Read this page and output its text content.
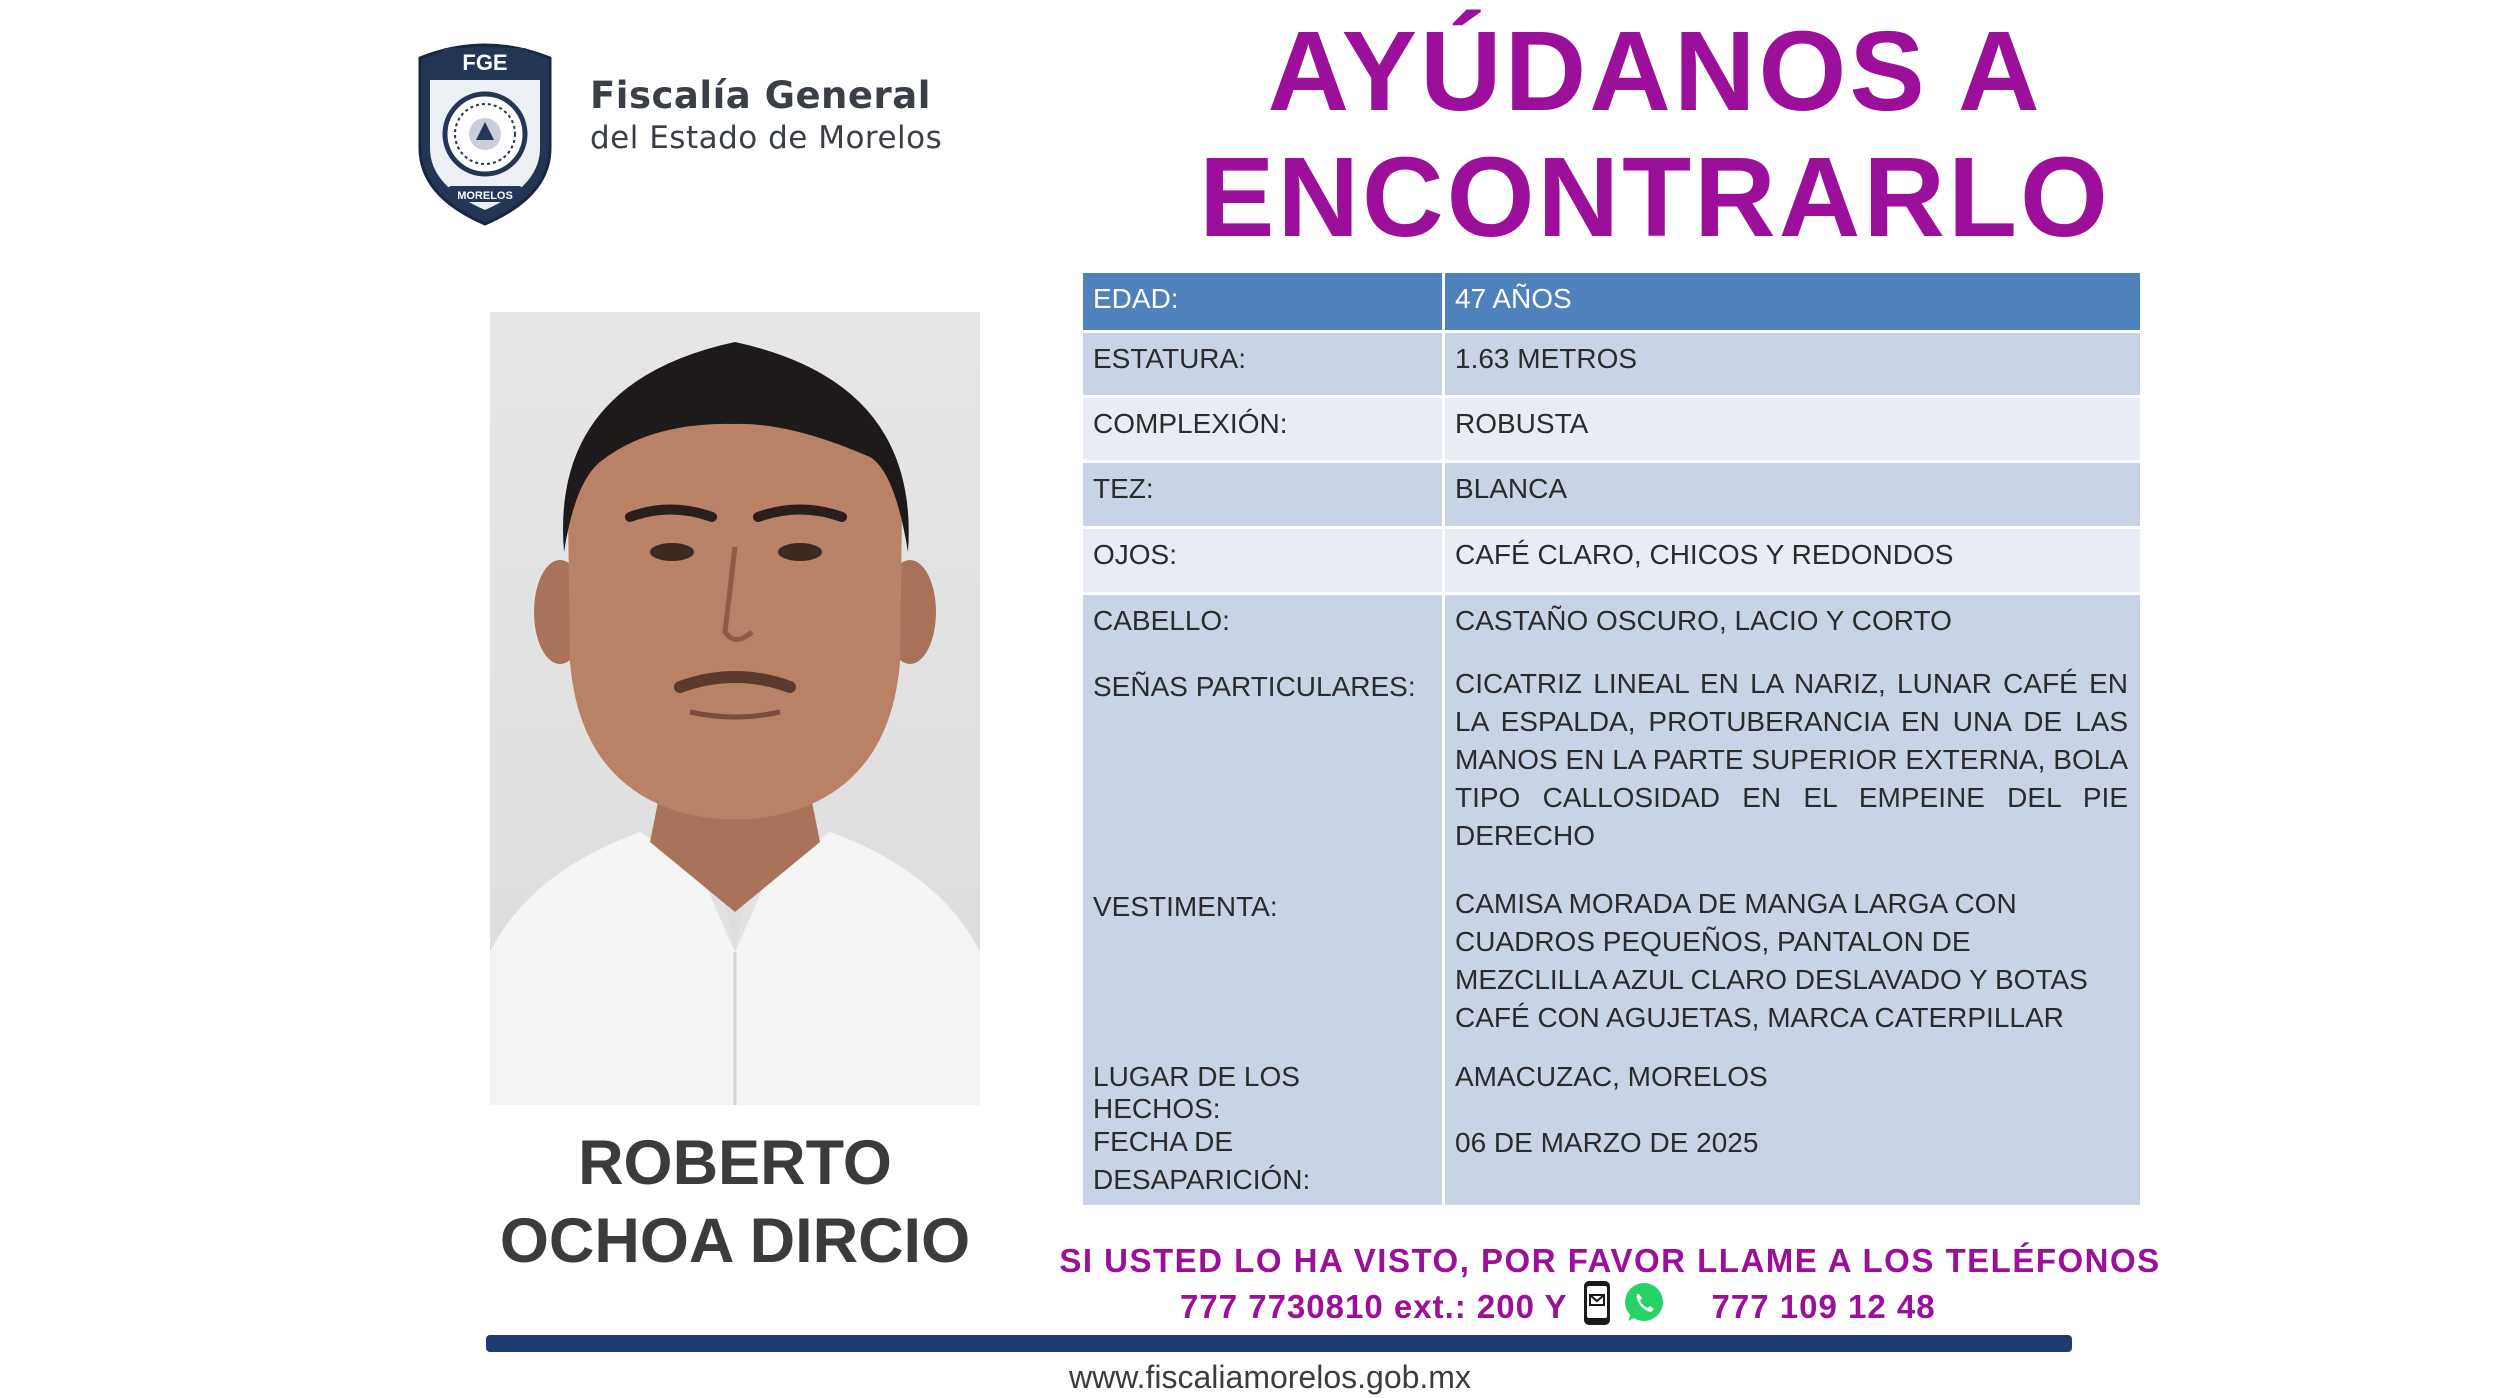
FGE
MORELOS
Fiscalía General
del Estado de Morelos
AYÚDANOS A
ENCONTRARLO
ROBERTO
OCHOA DIRCIO
EDAD:	47 AÑOS
ESTATURA:	1.63 METROS
COMPLEXIÓN:	ROBUSTA
TEZ:	BLANCA
OJOS:	CAFÉ CLARO, CHICOS Y REDONDOS
CABELLO:	CASTAÑO OSCURO, LACIO Y CORTO
SEÑAS PARTICULARES:	CICATRIZ LINEAL EN LA NARIZ, LUNAR CAFÉ EN LA ESPALDA, PROTUBERANCIA EN UNA DE LAS MANOS EN LA PARTE SUPERIOR EXTERNA, BOLA TIPO CALLOSIDAD EN EL EMPEINE DEL PIE DERECHO
VESTIMENTA:	CAMISA MORADA DE MANGA LARGA CON CUADROS PEQUEÑOS, PANTALON DE MEZCLILLA AZUL CLARO DESLAVADO Y BOTAS CAFÉ CON AGUJETAS, MARCA CATERPILLAR
LUGAR DE LOS HECHOS:
AMACUZAC, MORELOS
FECHA DE DESAPARICIÓN:
06 DE MARZO DE 2025
SI USTED LO HA VISTO, POR FAVOR LLAME A LOS TELÉFONOS
777 7730810 ext.: 200 Y	777 109 12 48
www.fiscaliamorelos.gob.mx
